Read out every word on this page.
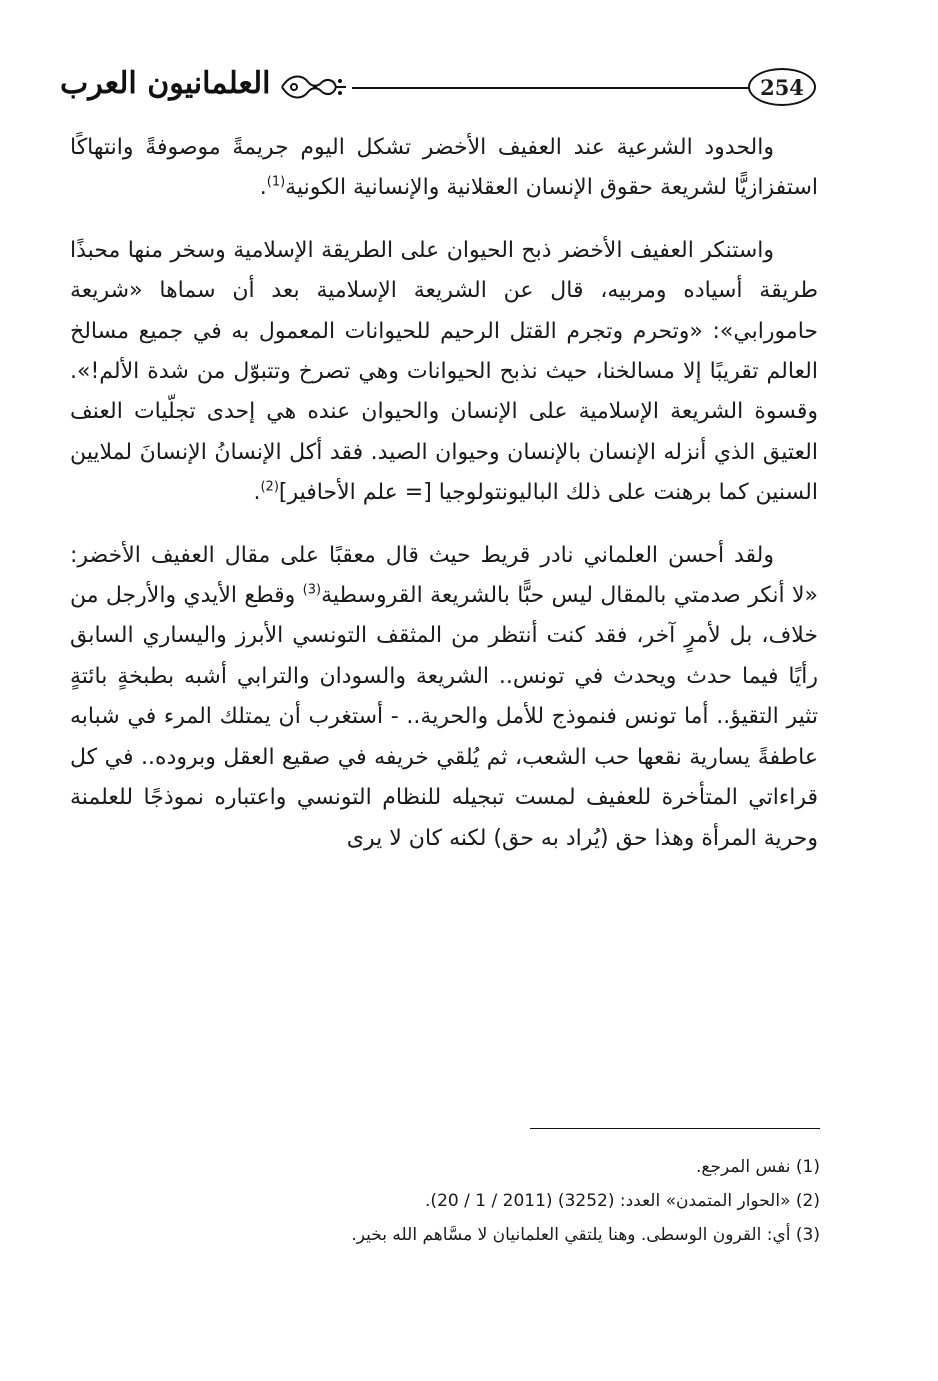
العلمانيون العرب	254

والحدود الشرعية عند العفيف الأخضر تشكل اليوم جريمةً موصوفةً وانتهاكًا استفزازيًّا لشريعة حقوق الإنسان العقلانية والإنسانية الكونية$^{(1)}$.

واستنكر العفيف الأخضر ذبح الحيوان على الطريقة الإسلامية وسخر منها محبذًا طريقة أسياده ومربيه، قال عن الشريعة الإسلامية بعد أن سماها «شريعة حامورابي»: «وتحرم وتجرم القتل الرحيم للحيوانات المعمول به في جميع مسالخ العالم تقريبًا إلا مسالخنا، حيث نذبح الحيوانات وهي تصرخ وتتبوّل من شدة الألم!». وقسوة الشريعة الإسلامية على الإنسان والحيوان عنده هي إحدى تجلّيات العنف العتيق الذي أنزله الإنسان بالإنسان وحيوان الصيد. فقد أكل الإنسانُ الإنسانَ لملايين السنين كما برهنت على ذلك الباليونتولوجيا [= علم الأحافير]$^{(2)}$.

ولقد أحسن العلماني نادر قريط حيث قال معقبًا على مقال العفيف الأخضر: «لا أنكر صدمتي بالمقال ليس حبًّا بالشريعة القروسطية$^{(3)}$ وقطع الأيدي والأرجل من خلاف، بل لأمرٍ آخر، فقد كنت أنتظر من المثقف التونسي الأبرز واليساري السابق رأيًا فيما حدث ويحدث في تونس.. الشريعة والسودان والترابي أشبه بطبخةٍ بائتةٍ تثير التقيؤ.. أما تونس فنموذج للأمل والحرية.. - أستغرب أن يمتلك المرء في شبابه عاطفةً يسارية نقعها حب الشعب، ثم يُلقي خريفه في صقيع العقل وبروده.. في كل قراءاتي المتأخرة للعفيف لمست تبجيله للنظام التونسي واعتباره نموذجًا للعلمنة وحرية المرأة وهذا حق (يُراد به حق) لكنه كان لا يرى

(1) نفس المرجع.

(2) «الحوار المتمدن» العدد: (3252) (2011 / 1 / 20).

(3) أي: القرون الوسطى. وهنا يلتقي العلمانيان لا مسَّاهم الله بخير.
